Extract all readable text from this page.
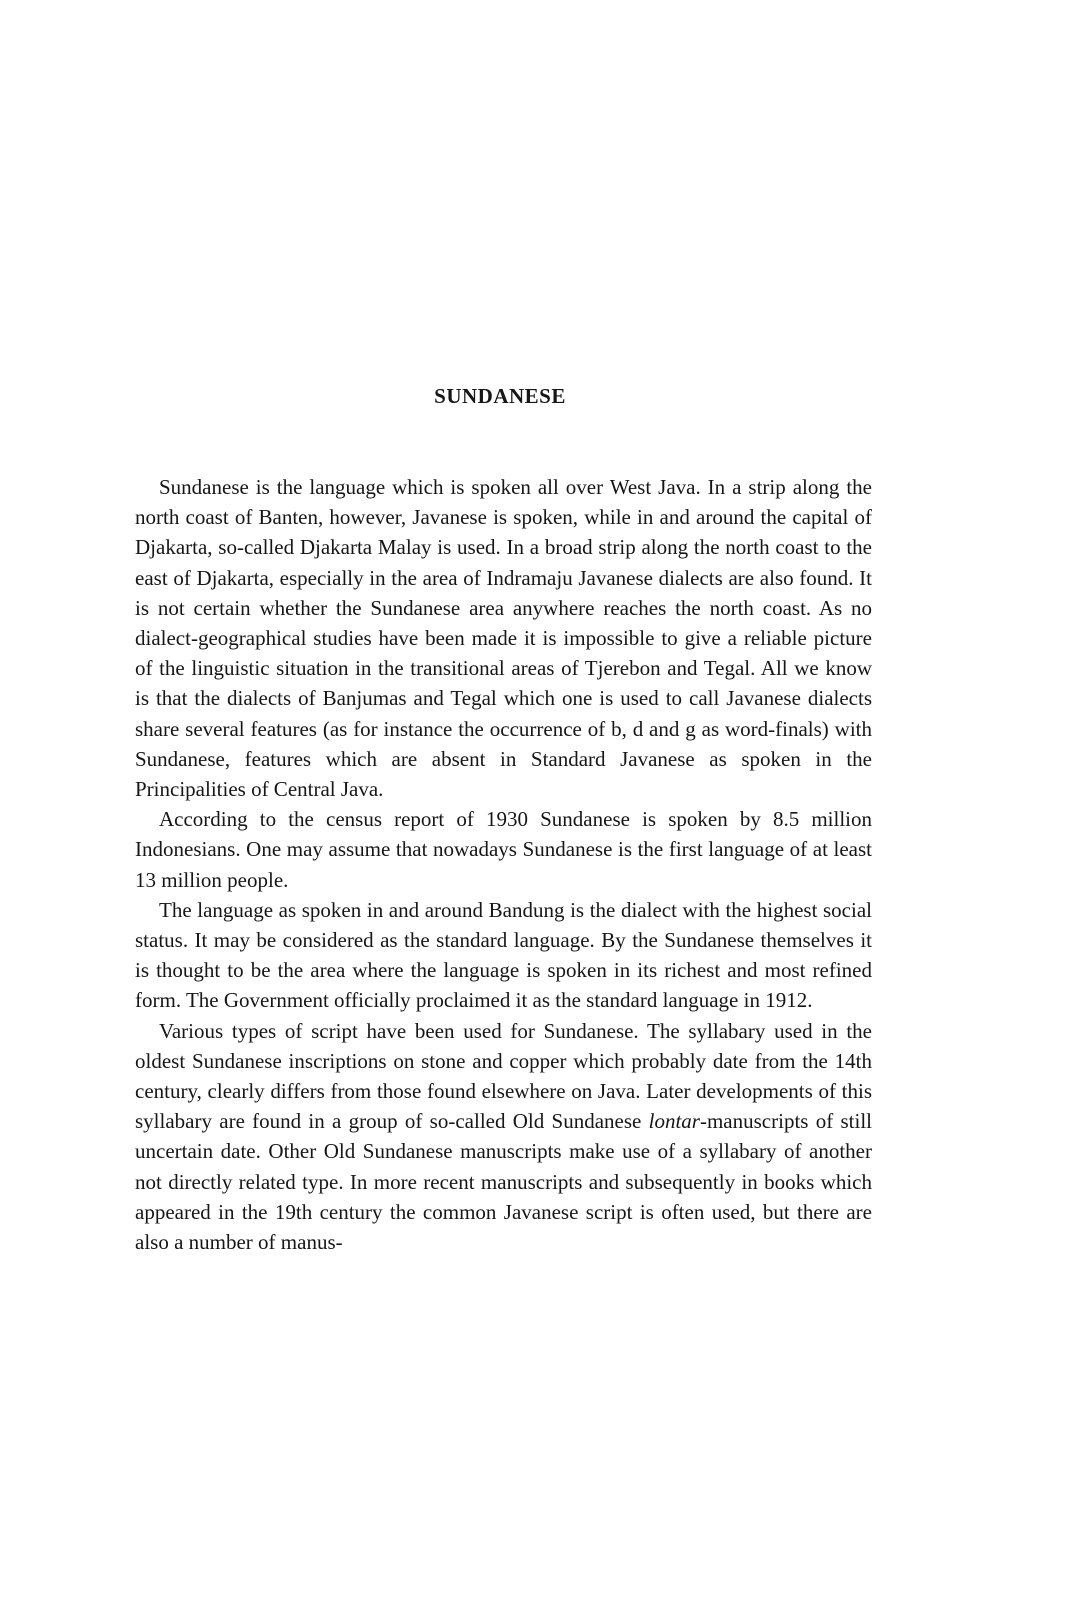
SUNDANESE

Sundanese is the language which is spoken all over West Java. In a strip along the north coast of Banten, however, Javanese is spoken, while in and around the capital of Djakarta, so-called Djakarta Malay is used. In a broad strip along the north coast to the east of Djakarta, especially in the area of Indramaju Javanese dialects are also found. It is not certain whether the Sundanese area anywhere reaches the north coast. As no dialect-geographical studies have been made it is impossible to give a reliable picture of the linguistic situation in the transitional areas of Tjerebon and Tegal. All we know is that the dialects of Banjumas and Tegal which one is used to call Javanese dialects share several features (as for instance the occurrence of b, d and g as word-finals) with Sundanese, features which are absent in Standard Javanese as spoken in the Principalities of Central Java.

According to the census report of 1930 Sundanese is spoken by 8.5 million Indonesians. One may assume that nowadays Sundanese is the first language of at least 13 million people.

The language as spoken in and around Bandung is the dialect with the highest social status. It may be considered as the standard language. By the Sundanese themselves it is thought to be the area where the language is spoken in its richest and most refined form. The Government officially proclaimed it as the standard language in 1912.

Various types of script have been used for Sundanese. The syllabary used in the oldest Sundanese inscriptions on stone and copper which probably date from the 14th century, clearly differs from those found elsewhere on Java. Later developments of this syllabary are found in a group of so-called Old Sundanese lontar-manuscripts of still uncertain date. Other Old Sundanese manuscripts make use of a syllabary of another not directly related type. In more recent manuscripts and subsequently in books which appeared in the 19th century the common Javanese script is often used, but there are also a number of manus-
